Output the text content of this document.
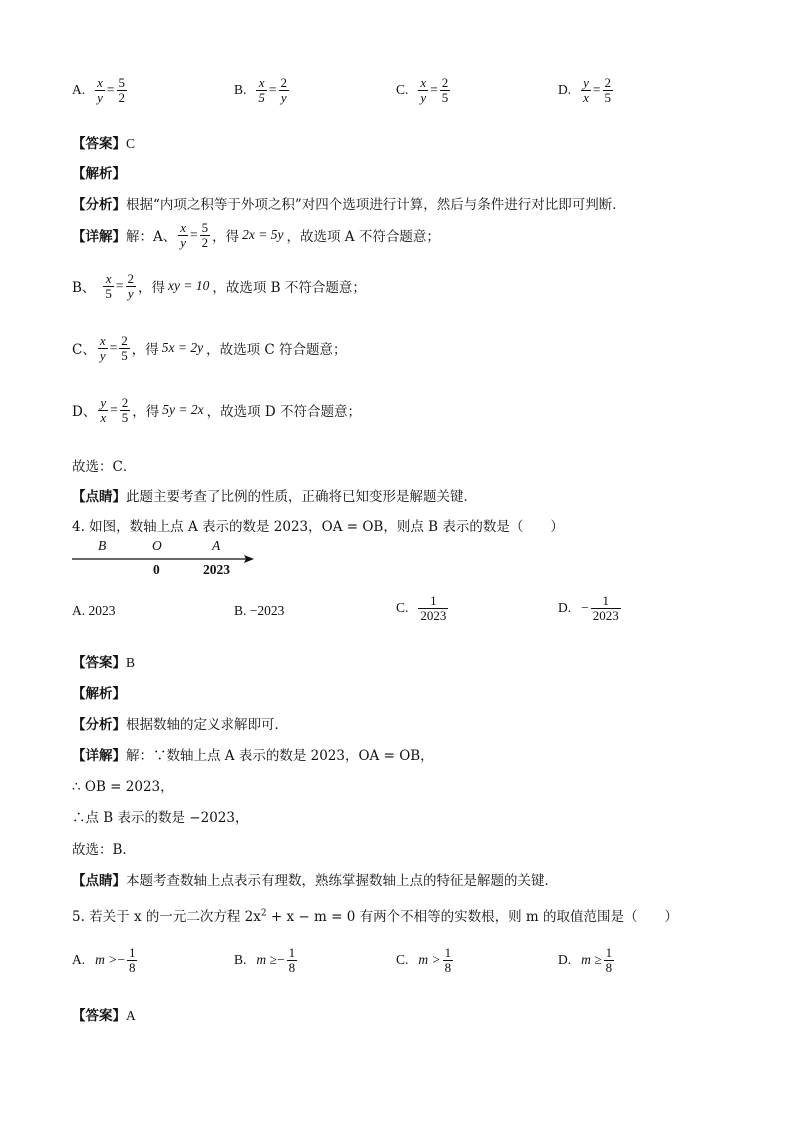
A. $\frac{x}{y} = \frac{5}{2}$	B. $\frac{x}{5} = \frac{2}{y}$	C. $\frac{x}{y} = \frac{2}{5}$	D. $\frac{y}{x} = \frac{2}{5}$
【答案】C
【解析】
【分析】根据“内项之积等于外项之积”对四个选项进行计算，然后与条件进行对比即可判断．
【详解】 解：A、 $\frac{x}{y} = \frac{5}{2}$ ，得 2x = 5y ，故选项 A 不符合题意；
B、 $\frac{x}{5} = \frac{2}{y}$ ，得 xy = 10 ，故选项 B 不符合题意；
C、 $\frac{x}{y} = \frac{2}{5}$ ，得 5x = 2y ，故选项 C 符合题意；
D、 $\frac{y}{x} = \frac{2}{5}$ ，得 5y = 2x ，故选项 D 不符合题意；
故选：C．
【点睛】此题主要考查了比例的性质，正确将已知变形是解题关键．
4. 如图，数轴上点 A 表示的数是 2023，OA = OB，则点 B 表示的数是（　　）
B	O	A
0	2023
A. 2023	B. −2023	C. $\frac{1}{2023}$	D. − $\frac{1}{2023}$
【答案】B
【解析】
【分析】根据数轴的定义求解即可．
【详解】解：∵数轴上点 A 表示的数是 2023，OA = OB，
∴ OB = 2023，
∴点 B 表示的数是 −2023，
故选：B．
【点睛】本题考查数轴上点表示有理数，熟练掌握数轴上点的特征是解题的关键．
5. 若关于 x 的一元二次方程 $2x^2 + x - m = 0$ 有两个不相等的实数根，则 m 的取值范围是（　　）
A. m > − $\frac{1}{8}$	B. m ≥ − $\frac{1}{8}$	C. $m > \frac{1}{8}$	D. $m \ge \frac{1}{8}$
【答案】A
